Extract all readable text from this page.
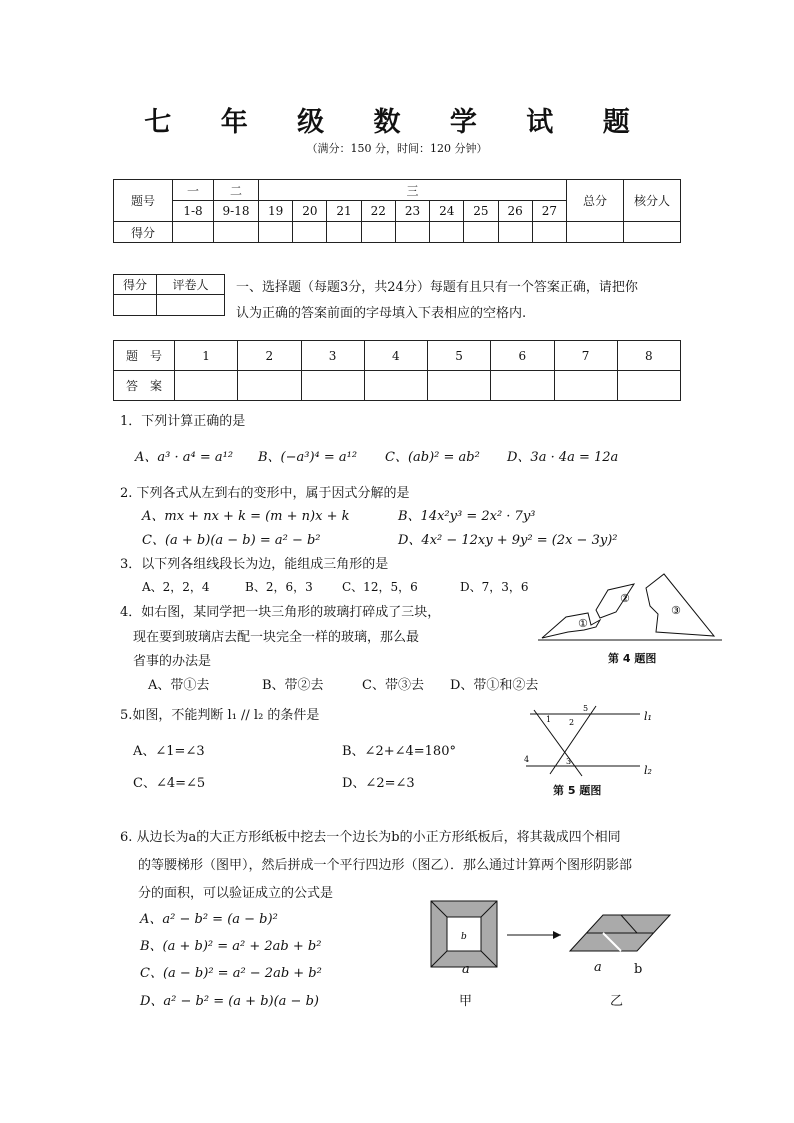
七 年 级 数 学 试 题
（满分：150 分，时间：120 分钟）
题号	一	二	三									总分	核分人
	1-8	9-18	19	20	21	22	23	24	25	26	27		
得分													
得分	评卷人
	一、选择题（每题3分，共24分）每题有且只有一个答案正确，请把你
认为正确的答案前面的字母填入下表相应的空格内.
题　号	1	2	3	4	5	6	7	8
答　案								
1．下列计算正确的是
A、a³ · a⁴ = a¹² B、(−a³)⁴ = a¹² C、(ab)² = ab² D、3a · 4a = 12a
2. 下列各式从左到右的变形中，属于因式分解的是
A、mx + nx + k = (m + n)x + k	B、14x²y³ = 2x² · 7y³
C、(a + b)(a − b) = a² − b²	D、4x² − 12xy + 9y² = (2x − 3y)²
3．以下列各组线段长为边，能组成三角形的是
A、2，2，4	B、2，6，3 C、12，5，6	D、7，3，6
4．如右图，某同学把一块三角形的玻璃打碎成了三块，
现在要到玻璃店去配一块完全一样的玻璃，那么最
省事的办法是
A、带①去	B、带②去	C、带③去 D、带①和②去
①
②
③
第 4 题图
5.如图，不能判断 l₁ // l₂ 的条件是
A、∠1=∠3	B、∠2+∠4=180°
C、∠4=∠5	D、∠2=∠3
1 2
5
4	3
l₁
l₂
第 5 题图
6. 从边长为a的大正方形纸板中挖去一个边长为b的小正方形纸板后，将其裁成四个相同
的等腰梯形（图甲），然后拼成一个平行四边形（图乙）．那么通过计算两个图形阴影部
分的面积，可以验证成立的公式是
A、a² − b² = (a − b)²
B、(a + b)² = a² + 2ab + b²
C、(a − b)² = a² − 2ab + b²
D、a² − b² = (a + b)(a − b)
b
a	a b
甲	乙
